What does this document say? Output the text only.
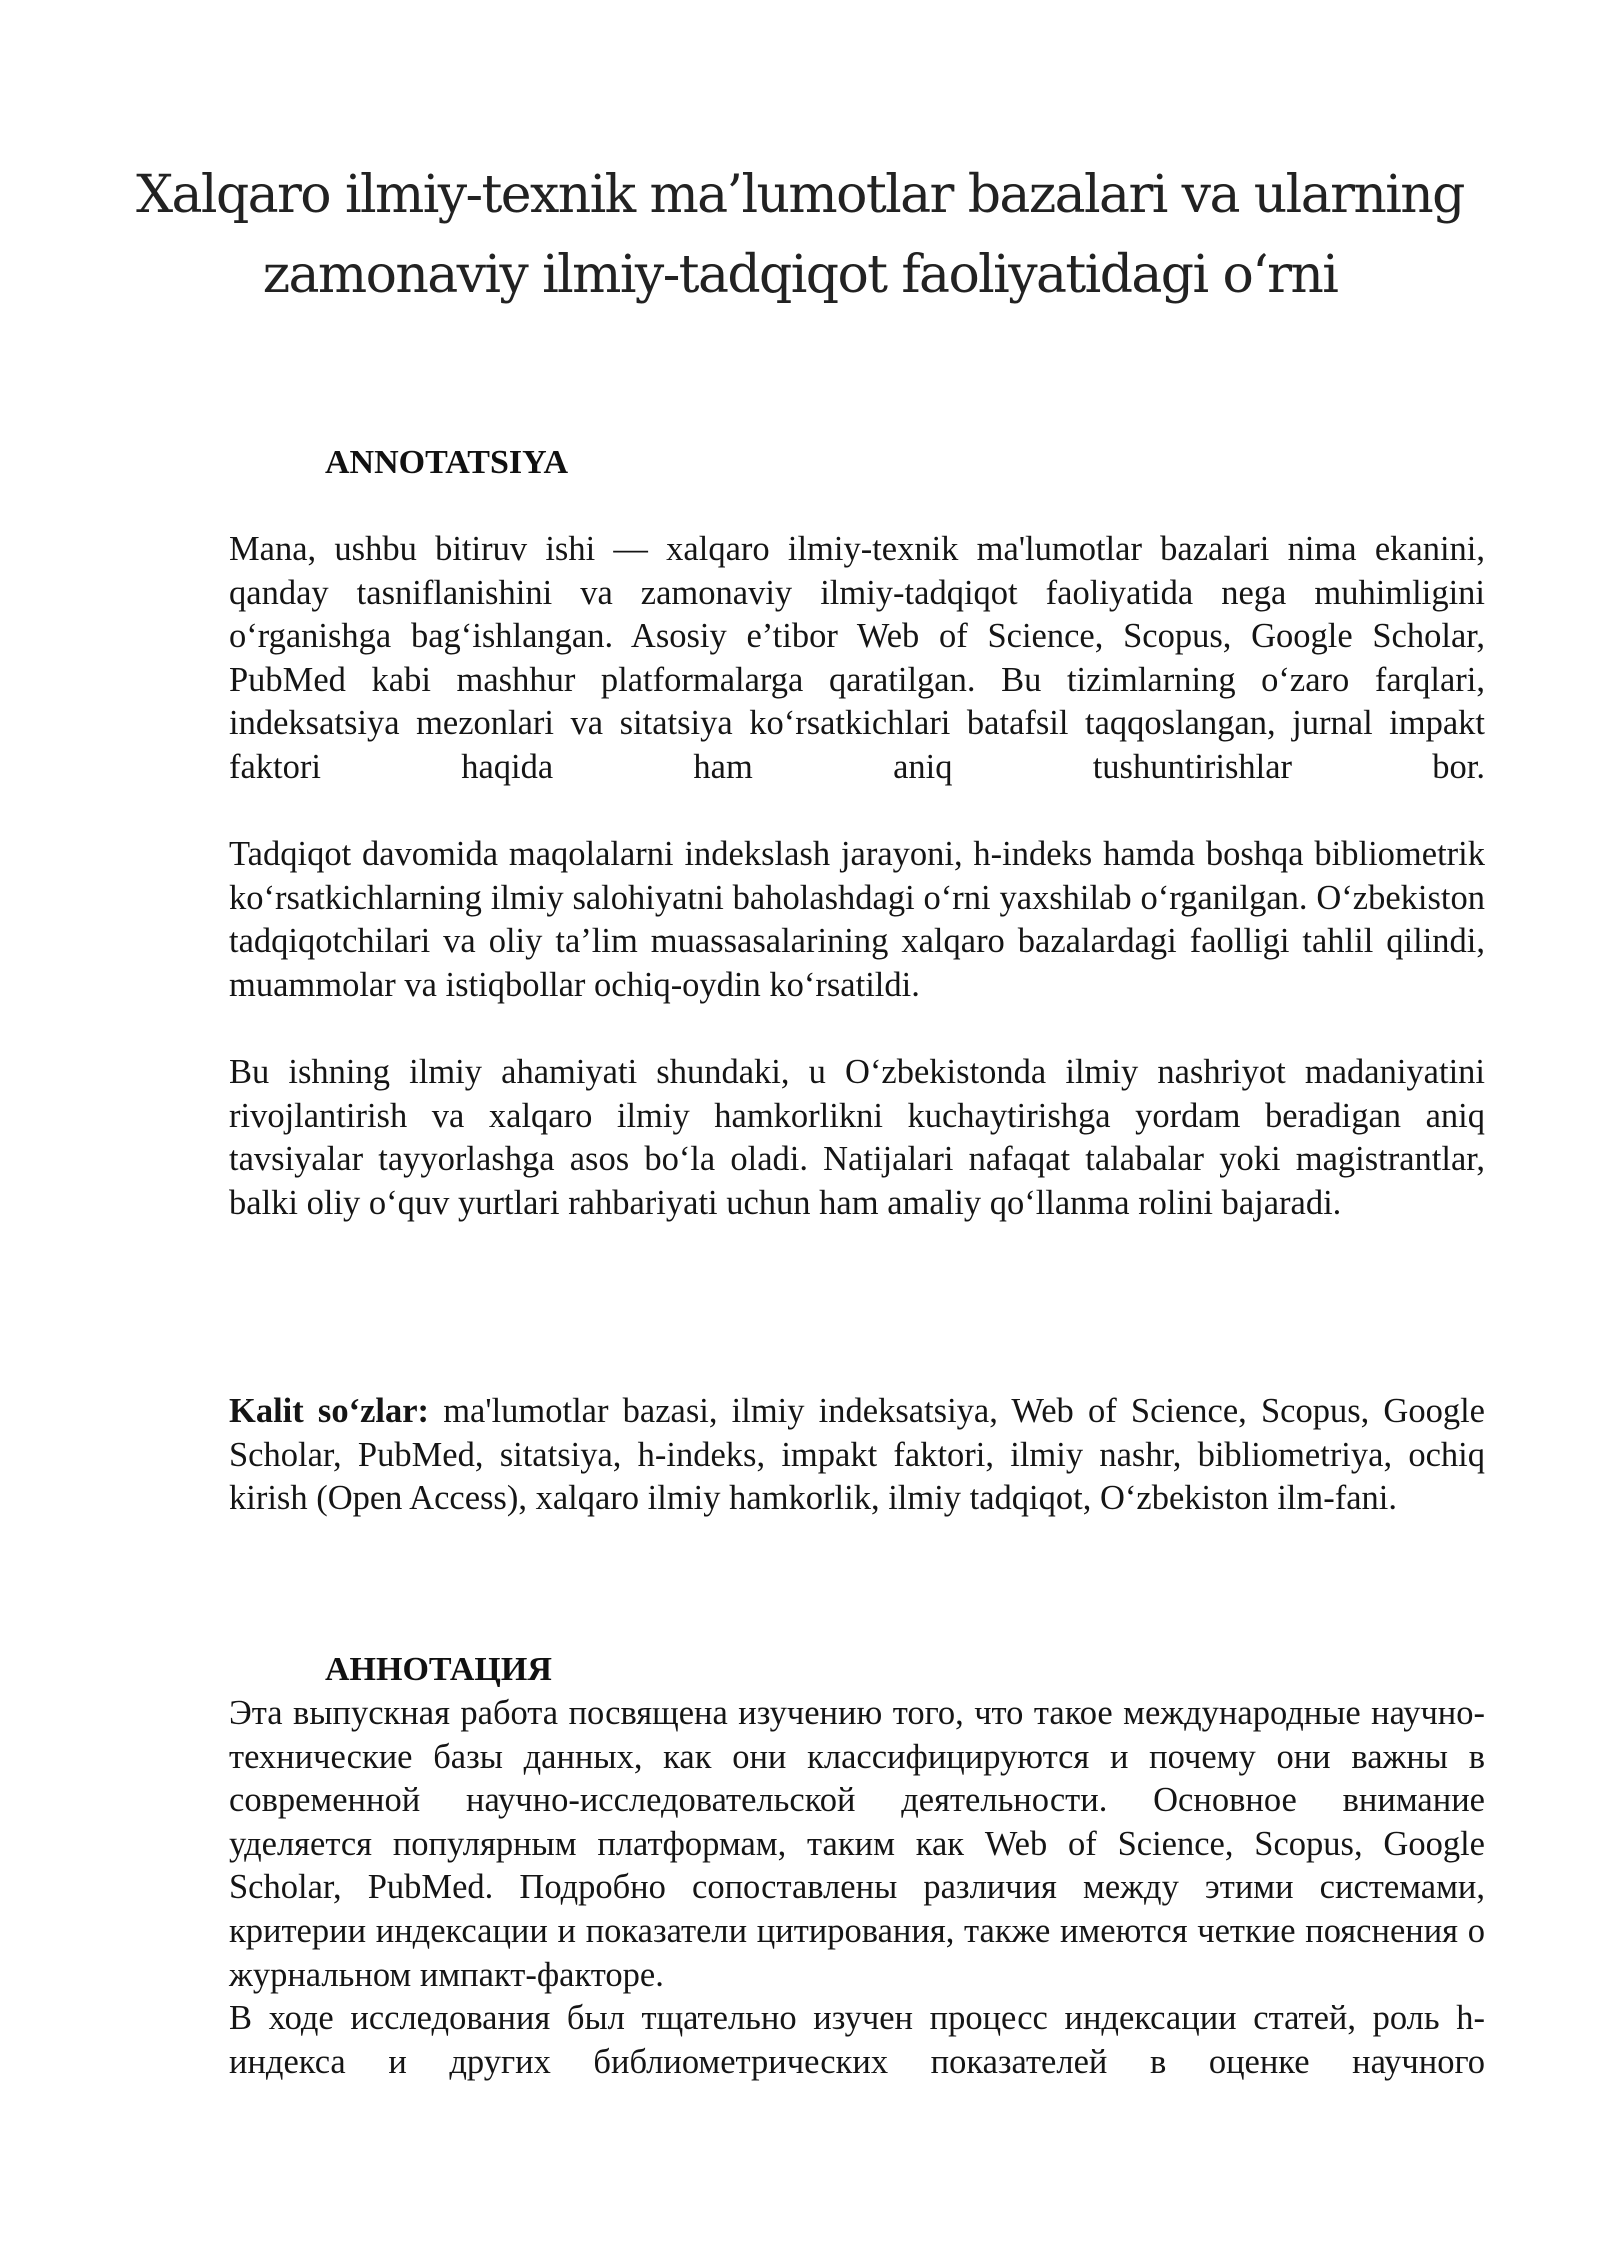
Xalqaro ilmiy-texnik ma’lumotlar bazalari va ularning
zamonaviy ilmiy-tadqiqot faoliyatidagi o‘rni
ANNOTATSIYA

Mana, ushbu bitiruv ishi — xalqaro ilmiy-texnik ma'lumotlar bazalari nima ekanini, qanday tasniflanishini va zamonaviy ilmiy-tadqiqot faoliyatida nega muhimligini o‘rganishga bag‘ishlangan. Asosiy e’tibor Web of Science, Scopus, Google Scholar, PubMed kabi mashhur platformalarga qaratilgan. Bu tizimlarning o‘zaro farqlari, indeksatsiya mezonlari va sitatsiya ko‘rsatkichlari batafsil taqqoslangan, jurnal impakt faktori haqida ham aniq tushuntirishlar bor.

Tadqiqot davomida maqolalarni indekslash jarayoni, h-indeks hamda boshqa bibliometrik ko‘rsatkichlarning ilmiy salohiyatni baholashdagi o‘rni yaxshilab o‘rganilgan. O‘zbekiston tadqiqotchilari va oliy ta’lim muassasalarining xalqaro bazalardagi faolligi tahlil qilindi, muammolar va istiqbollar ochiq-oydin ko‘rsatildi.

Bu ishning ilmiy ahamiyati shundaki, u O‘zbekistonda ilmiy nashriyot madaniyatini rivojlantirish va xalqaro ilmiy hamkorlikni kuchaytirishga yordam beradigan aniq tavsiyalar tayyorlashga asos bo‘la oladi. Natijalari nafaqat talabalar yoki magistrantlar, balki oliy o‘quv yurtlari rahbariyati uchun ham amaliy qo‘llanma rolini bajaradi.

Kalit so‘zlar: ma'lumotlar bazasi, ilmiy indeksatsiya, Web of Science, Scopus, Google Scholar, PubMed, sitatsiya, h-indeks, impakt faktori, ilmiy nashr, bibliometriya, ochiq kirish (Open Access), xalqaro ilmiy hamkorlik, ilmiy tadqiqot, O‘zbekiston ilm-fani.

АННОТАЦИЯ

Эта выпускная работа посвящена изучению того, что такое международные научно-технические базы данных, как они классифицируются и почему они важны в современной научно-исследовательской деятельности. Основное внимание уделяется популярным платформам, таким как Web of Science, Scopus, Google Scholar, PubMed. Подробно сопоставлены различия между этими системами, критерии индексации и показатели цитирования, также имеются четкие пояснения о журнальном импакт-факторе.

В ходе исследования был тщательно изучен процесс индексации статей, роль h-индекса и других библиометрических показателей в оценке научного
